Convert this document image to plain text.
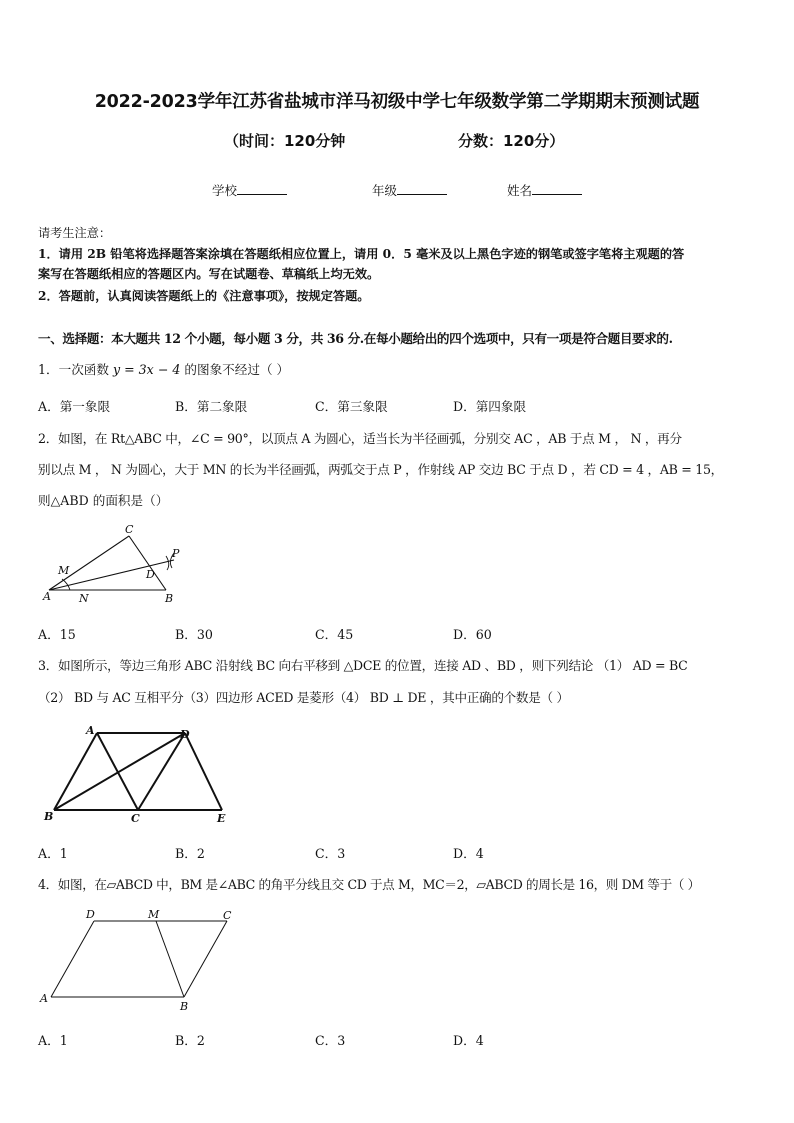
2022-2023学年江苏省盐城市洋马初级中学七年级数学第二学期期末预测试题
（时间：120分钟	分数：120分）
学校	年级	姓名
请考生注意：
1．请用 2B 铅笔将选择题答案涂填在答题纸相应位置上，请用 0．5 毫米及以上黑色字迹的钢笔或签字笔将主观题的答
案写在答题纸相应的答题区内。写在试题卷、草稿纸上均无效。
2．答题前，认真阅读答题纸上的《注意事项》，按规定答题。
一、选择题：本大题共 12 个小题，每小题 3 分，共 36 分.在每小题给出的四个选项中，只有一项是符合题目要求的.
1．一次函数 y = 3x − 4 的图象不经过（ ）
A．第一象限	B．第二象限	C．第三象限	D．第四象限
2．如图，在 Rt△ABC 中，∠C = 90°，以顶点 A 为圆心，适当长为半径画弧，分别交 AC ，AB 于点 M ， N ，再分
别以点 M ， N 为圆心，大于 MN 的长为半径画弧，两弧交于点 P ，作射线 AP 交边 BC 于点 D ，若 CD = 4 ，AB = 15，
则△ABD 的面积是（）
C
P
M	D
A	N	B
A．15	B．30	C．45	D．60
3．如图所示，等边三角形 ABC 沿射线 BC 向右平移到 △DCE 的位置，连接 AD 、BD ，则下列结论 （1） AD = BC
（2） BD 与 AC 互相平分（3）四边形 ACED 是菱形（4） BD ⊥ DE ，其中正确的个数是（ ）
A	D
B	C	E
A．1	B．2	C．3	D．4
4．如图，在▱ABCD 中，BM 是∠ABC 的角平分线且交 CD 于点 M，MC＝2，▱ABCD 的周长是 16，则 DM 等于（ ）
D	M	C
A
B
A．1	B．2	C．3	D．4
